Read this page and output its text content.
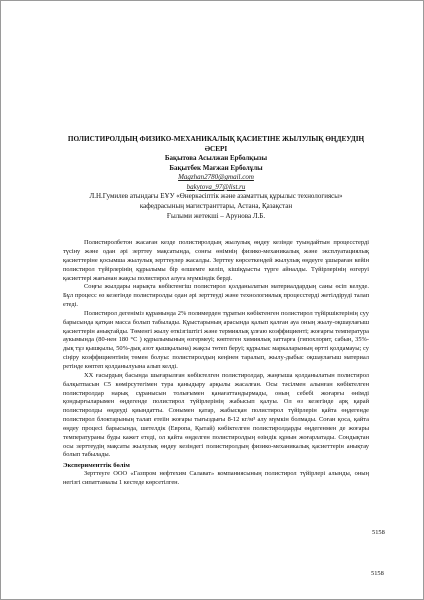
ПОЛИСТИРОЛДЫҢ ФИЗИКО-МЕХАНИКАЛЫҚ ҚАСИЕТІНЕ ЖЫЛУЛЫҚ ӨҢДЕУДІҢ ӘСЕРІ

Бақытова Асылжан Ерболқызы

Бақытбек Мағжан Ерболұлы

Magzhan2780@gmail.com

bakytova_97@list.ru

Л.Н.Гумилев атындағы ЕҰУ «Өнеркәсіптік және азаматтық құрылыс технологиясы»

кафедрасының магистранттары, Астана, Қазақстан

Ғылыми жетекші – Арунова Л.Б.

Полистиролбетон жасаған кезде полистиролдың жылулық өңдеу кезінде туындайтын процесстерді түсіну және одан әрі зерттеу мақсатында, сонғы өнімнің физико-механикалық және эксплуатациялық қасиеттеріне қосымша жылулық зерттеулер жасалды. Зерттеу көрсеткендей жылулық өңдеуге ұшыраған кейін полистирол түйірлерінің құрылымы бір өлшемге келіп, кішіқұысты түрге айналды. Түйірлерінің өзгеруі қасиеттері жағынан жақсы полистирол алуға мүмкіндік берді.

Соңғы жылдары нарықта көбіктенгіш полистирол қолданылатын материалдардың саны өсіп келуде. Бұл процесс өз кезегінде полистиролды одан әрі зерттеуді және технологиялық процесстерді жетілдіруді талап етеді.

Полистирол дегеніміз құрамында 2% полимерден тұратын көбіктенген полистирол түйіршіктерінің суу барысында қатқан масса болып табылады. Құыстарының арасында қалып қалған ауа оның жылу-оқшаулағыш қасиеттерін анықтайды. Төменгі жылу өткізгіштігі және термиялық ұлғаю коэффициенті; жоғарғы температура аукымында (80-нен 180 °С ) құрылымының өзгермеуі; көптеген химиялық заттарға (гипохлорит, сабын, 35%-дық тұз қышқылы, 50%-дық азот қышқылына) жақсы төтеп беруі; құрылыс маркаларының өртті қолдамауы; су сіңіру коэффициентінің төмен болуы: полистиролдың кеңінен таралып, жылу-дыбыс оқшаулағыш материал ретінде көптеп қолданылуына алып келді.

XX ғасырдың басында шығарылған көбіктелген полистиролдар, жаңғыша қолданылатын полистирол балқытпасын С5 көмірсутегімен тура қаныдыру арқылы жасалған. Осы тәсілмен алынған көбіктелген полистиролдар нарық сұранысын толығымен қанағаттандырмады, оның себебі жоғарғы өнімді қондырғыларымен өңдегенде полистирол түйірлерінің жабысып қалуы. Ол өз кезегінде арқ қарай полистиролды өңдеуді қиындатты. Сонымен қатар, жабысқан полистирол түйірлерін қайта өңдегенде полистирол блоктарының талап етеіін жоғары тығыздығы 8-12 кг/м³ алу мүмкін болмады. Соған қоса, қайта өңдеу процесі барысында, шетелдік (Европа, Қытай) көбіктелген полистиролдарды өңдегенмен де жоғары температураны буды кажет етеді, ол қайта өңделген полистиролдың өзіндік құнын жоғарлатады. Сондықтан осы зерттеудің мақсаты жылулық өңдеу кезіндегі полистиролдың физико-механикалық қасиеттерін анықтау болып табылады.

Эксперименттік бөлім

Зерттеуге ООО «Газпром нефтехим Салават» компаниясының полистирол түйірлері алынды, оның негізгі сипаттамалы 1 кестеде көрсетілген.

5158
5158
